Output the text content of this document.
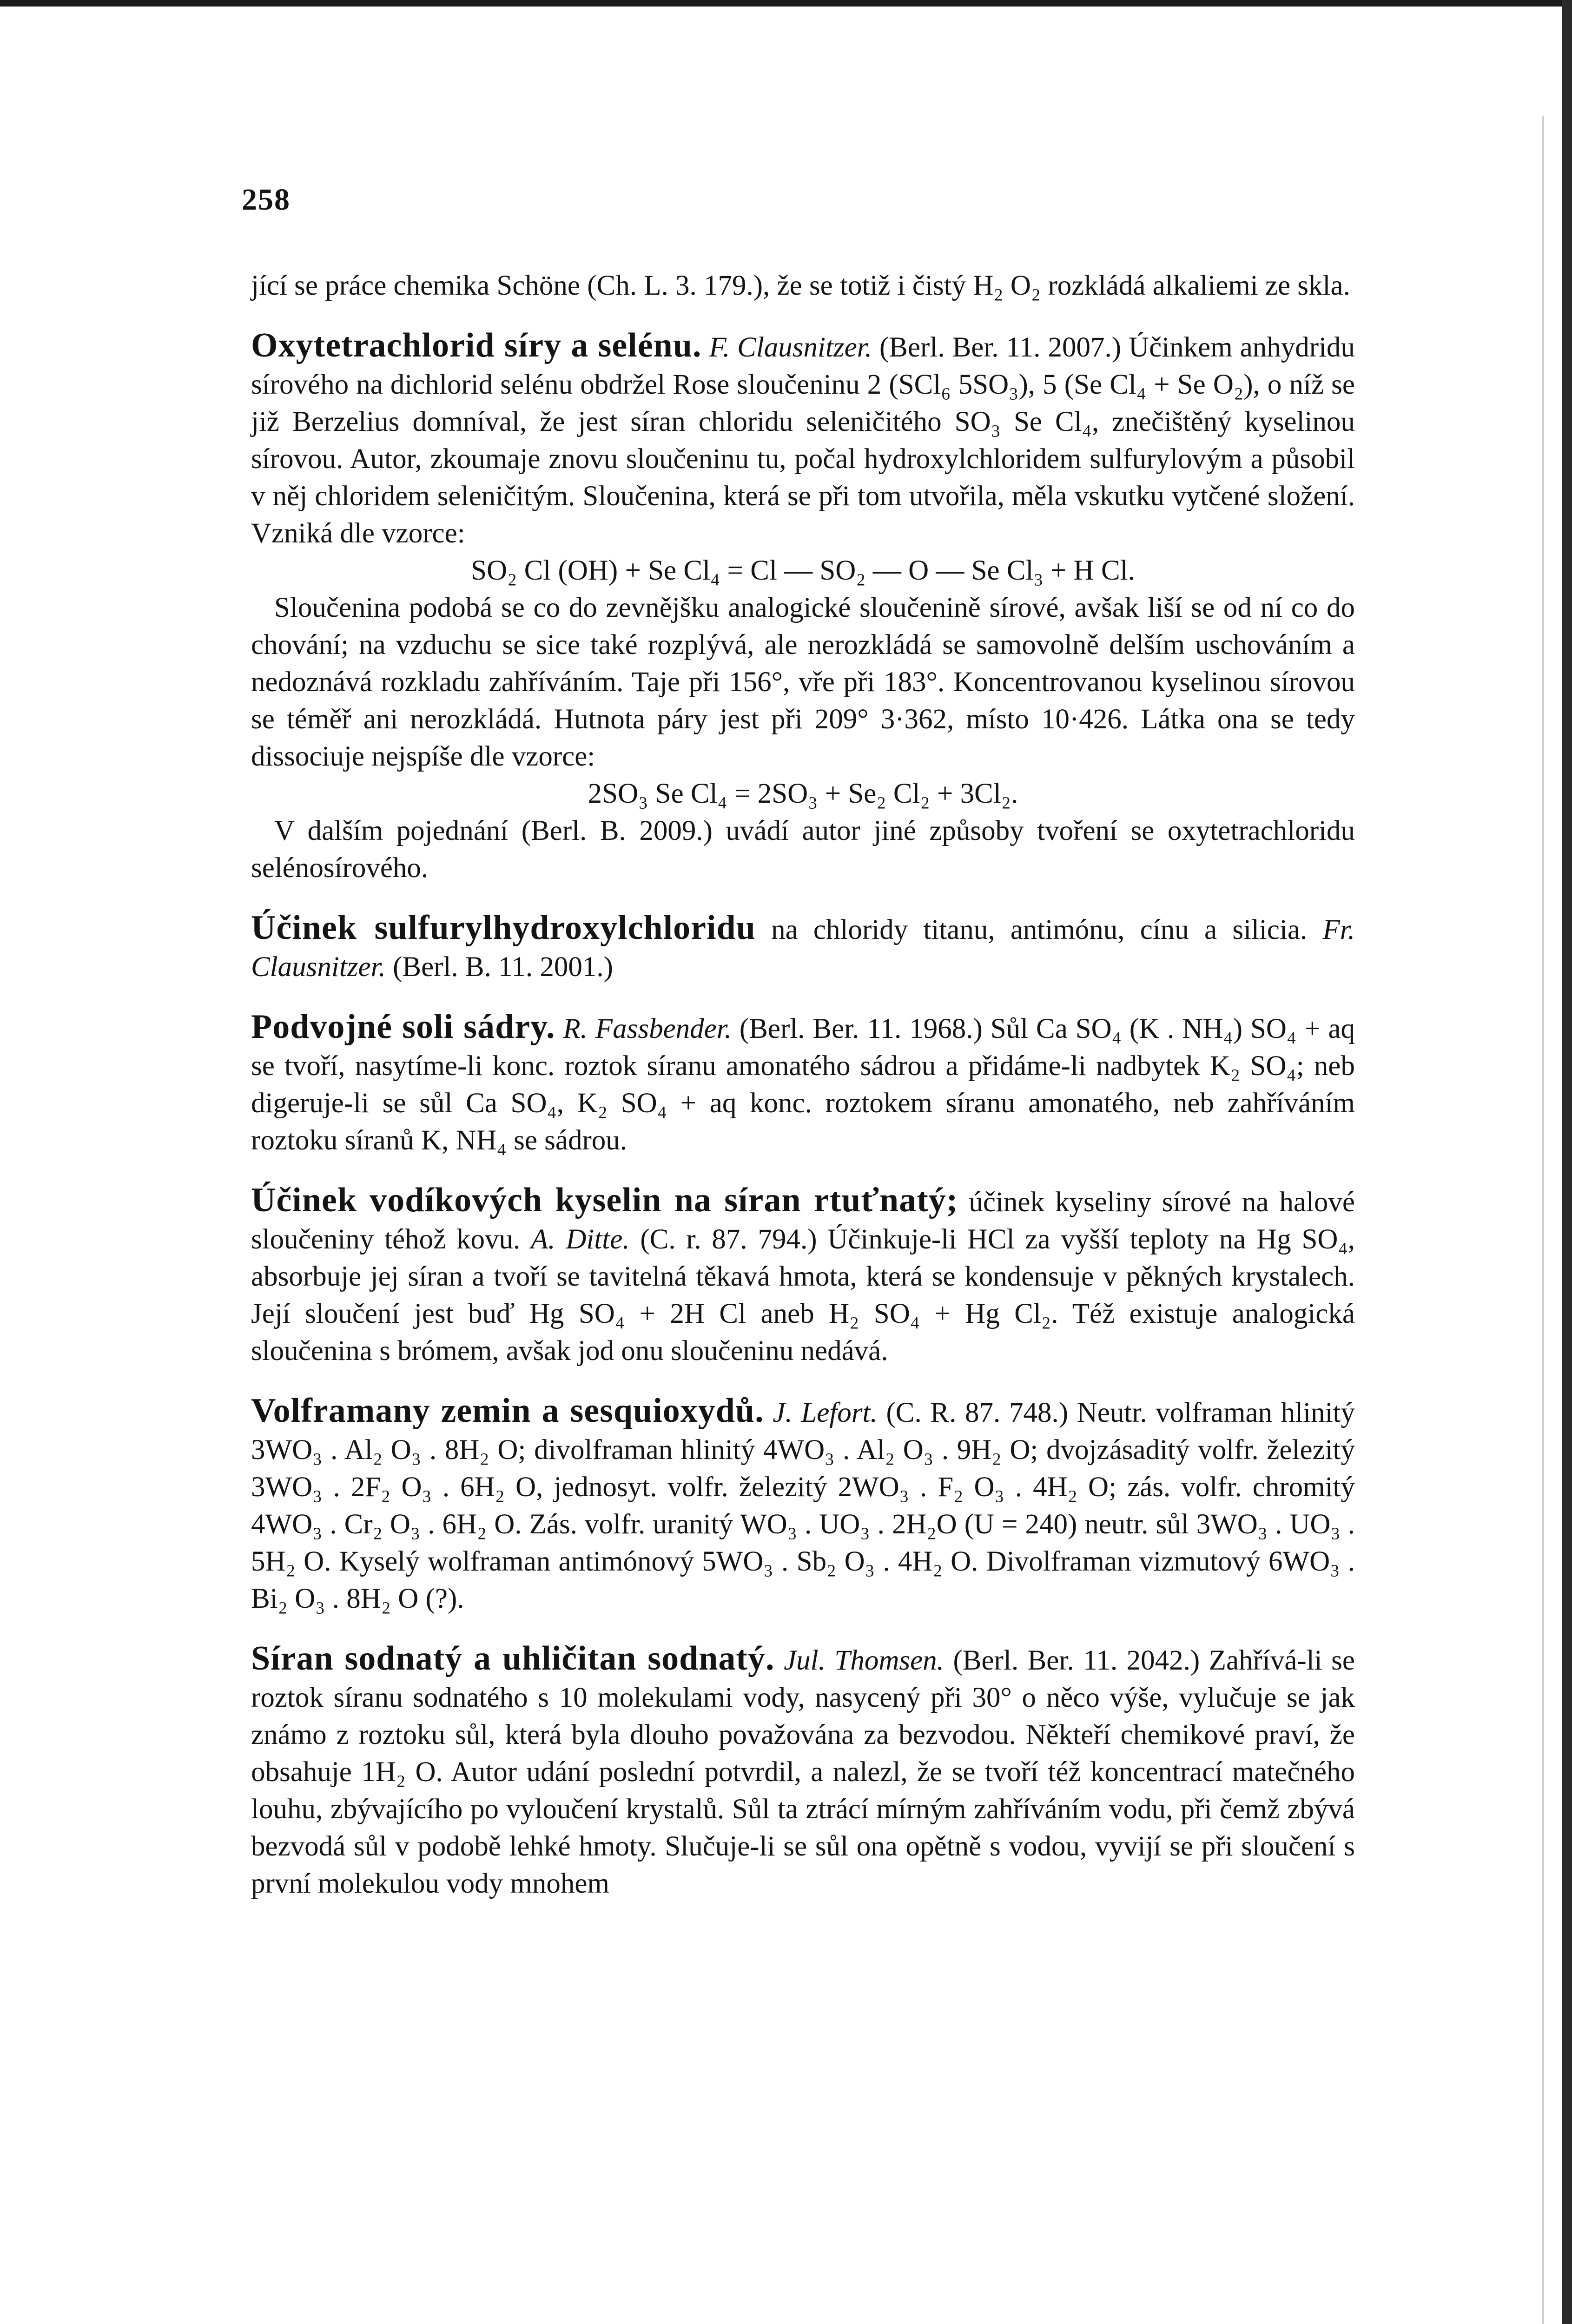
258

jící se práce chemika Schöne (Ch. L. 3. 179.), že se totiž i čistý H₂ O₂ rozkládá alkaliemi ze skla.

Oxytetrachlorid síry a selénu. F. Clausnitzer. (Berl. Ber. 11. 2007.) Účinkem anhydridu sírového na dichlorid selénu obdržel Rose sloučeninu 2 (SCl₆ 5SO₃), 5 (Se Cl₄ + Se O₂), o níž se již Berzelius domníval, že jest síran chloridu seleničitého SO₃ Se Cl₄, znečištěný kyselinou sírovou. Autor, zkoumaje znovu sloučeninu tu, počal hydroxylchloridem sulfurylovým a působil v něj chloridem seleničitým. Sloučenina, která se při tom utvořila, měla vskutku vytčené složení. Vzniká dle vzorce:

SO₂ Cl (OH) + Se Cl₄ = Cl — SO₂ — O — Se Cl₃ + H Cl.

Sloučenina podobá se co do zevnějšku analogické sloučenině sírové, avšak liší se od ní co do chování; na vzduchu se sice také rozplývá, ale nerozkládá se samovolně delším uschováním a nedoznává rozkladu zahříváním. Taje při 156°, vře při 183°. Koncentrovanou kyselinou sírovou se téměř ani nerozkládá. Hutnota páry jest při 209° 3·362, místo 10·426. Látka ona se tedy dissociuje nejspíše dle vzorce:

2SO₃ Se Cl₄ = 2SO₃ + Se₂ Cl₂ + 3Cl₂.

V dalším pojednání (Berl. B. 2009.) uvádí autor jiné způsoby tvoření se oxytetrachloridu selénosírového.

Účinek sulfurylhydroxylchloridu na chloridy titanu, antimónu, cínu a silicia. Fr. Clausnitzer. (Berl. B. 11. 2001.)

Podvojné soli sádry. R. Fassbender. (Berl. Ber. 11. 1968.) Sůl Ca SO₄ (K . NH₄) SO₄ + aq se tvoří, nasytíme-li konc. roztok síranu amonatého sádrou a přidáme-li nadbytek K₂ SO₄; neb digeruje-li se sůl Ca SO₄, K₂ SO₄ + aq konc. roztokem síranu amonatého, neb zahříváním roztoku síranů K, NH₄ se sádrou.

Účinek vodíkových kyselin na síran rtuťnatý; účinek kyseliny sírové na halové sloučeniny téhož kovu. A. Ditte. (C. r. 87. 794.) Účinkuje-li HCl za vyšší teploty na Hg SO₄, absorbuje jej síran a tvoří se tavitelná těkavá hmota, která se kondensuje v pěkných krystalech. Její sloučení jest buď Hg SO₄ + 2H Cl aneb H₂ SO₄ + Hg Cl₂. Též existuje analogická sloučenina s brómem, avšak jod onu sloučeninu nedává.

Volframany zemin a sesquioxydů. J. Lefort. (C. R. 87. 748.) Neutr. volframan hlinitý 3WO₃ . Al₂ O₃ . 8H₂ O; divolframan hlinitý 4WO₃ . Al₂ O₃ . 9H₂ O; dvojzásaditý volfr. železitý 3WO₃ . 2F₂ O₃ . 6H₂ O, jednosyt. volfr. železitý 2WO₃ . F₂ O₃ . 4H₂ O; zás. volfr. chromitý 4WO₃ . Cr₂ O₃ . 6H₂ O. Zás. volfr. uranitý WO₃ . UO₃ . 2H₂O (U = 240) neutr. sůl 3WO₃ . UO₃ . 5H₂ O. Kyselý wolframan antimónový 5WO₃ . Sb₂ O₃ . 4H₂ O. Divolframan vizmutový 6WO₃ . Bi₂ O₃ . 8H₂ O (?).

Síran sodnatý a uhličitan sodnatý. Jul. Thomsen. (Berl. Ber. 11. 2042.) Zahřívá-li se roztok síranu sodnatého s 10 molekulami vody, nasycený při 30° o něco výše, vylučuje se jak známo z roztoku sůl, která byla dlouho považována za bezvodou. Někteří chemikové praví, že obsahuje 1H₂ O. Autor udání poslední potvrdil, a nalezl, že se tvoří též koncentrací matečného louhu, zbývajícího po vyloučení krystalů. Sůl ta ztrácí mírným zahříváním vodu, při čemž zbývá bezvodá sůl v podobě lehké hmoty. Slučuje-li se sůl ona opětně s vodou, vyvijí se při sloučení s první molekulou vody mnohem
